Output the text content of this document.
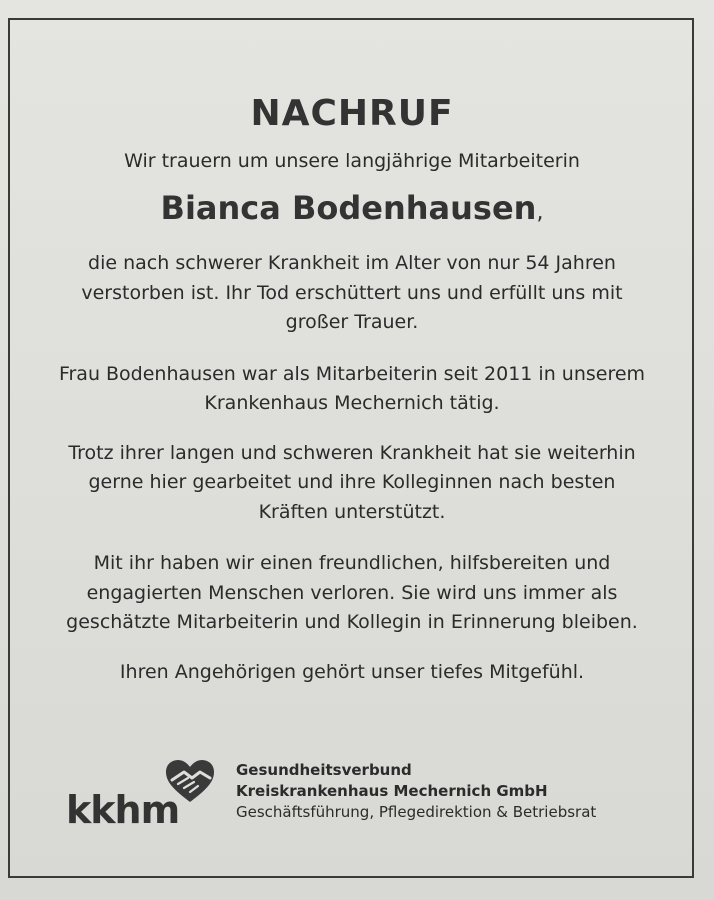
NACHRUF
Wir trauern um unsere langjährige Mitarbeiterin
Bianca Bodenhausen,
die nach schwerer Krankheit im Alter von nur 54 Jahren verstorben ist. Ihr Tod erschüttert uns und erfüllt uns mit großer Trauer.
Frau Bodenhausen war als Mitarbeiterin seit 2011 in unserem Krankenhaus Mechernich tätig.
Trotz ihrer langen und schweren Krankheit hat sie weiterhin gerne hier gearbeitet und ihre Kolleginnen nach besten Kräften unterstützt.
Mit ihr haben wir einen freundlichen, hilfsbereiten und engagierten Menschen verloren. Sie wird uns immer als geschätzte Mitarbeiterin und Kollegin in Erinnerung bleiben.
Ihren Angehörigen gehört unser tiefes Mitgefühl.
kkhm
Gesundheitsverbund
Kreiskrankenhaus Mechernich GmbH
Geschäftsführung, Pflegedirektion & Betriebsrat
